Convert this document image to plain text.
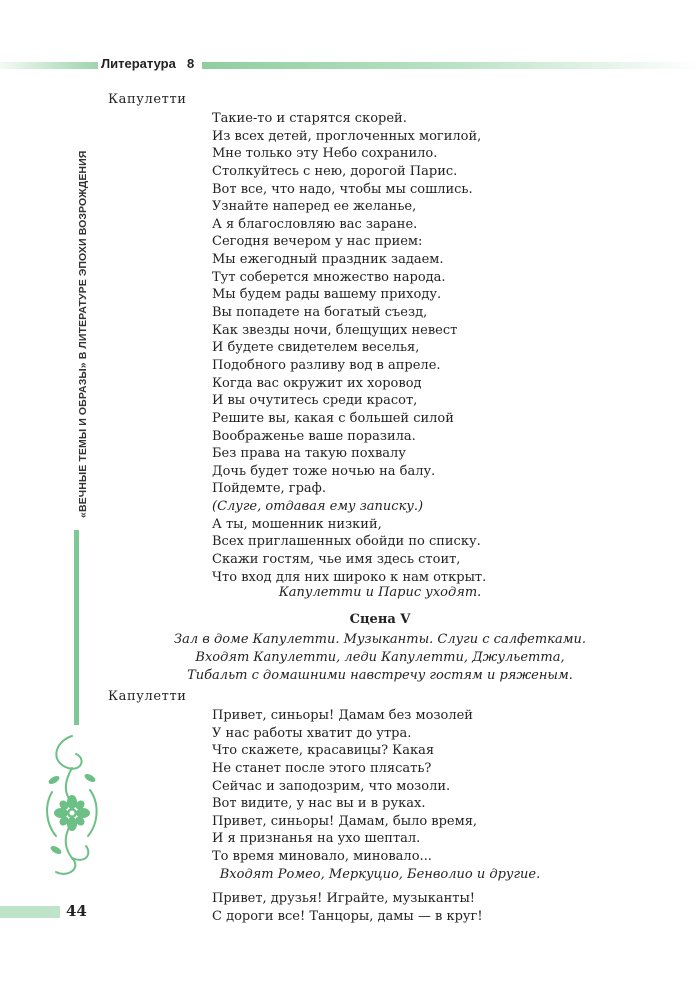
Литература 8
«ВЕЧНЫЕ ТЕМЫ И ОБРАЗЫ» В ЛИТЕРАТУРЕ ЭПОХИ ВОЗРОЖДЕНИЯ
44
Капулетти
Такие-то и старятся скорей.
Из всех детей, проглоченных могилой,
Мне только эту Небо сохранило.
Столкуйтесь с нею, дорогой Парис.
Вот все, что надо, чтобы мы сошлись.
Узнайте наперед ее желанье,
А я благословляю вас заране.
Сегодня вечером у нас прием:
Мы ежегодный праздник задаем.
Тут соберется множество народа.
Мы будем рады вашему приходу.
Вы попадете на богатый съезд,
Как звезды ночи, блещущих невест
И будете свидетелем веселья,
Подобного разливу вод в апреле.
Когда вас окружит их хоровод
И вы очутитесь среди красот,
Решите вы, какая с большей силой
Воображенье ваше поразила.
Без права на такую похвалу
Дочь будет тоже ночью на балу.
Пойдемте, граф.
(Слуге, отдавая ему записку.)
А ты, мошенник низкий,
Всех приглашенных обойди по списку.
Скажи гостям, чье имя здесь стоит,
Что вход для них широко к нам открыт.
Капулетти и Парис уходят.
Сцена V
Зал в доме Капулетти. Музыканты. Слуги с салфетками.
Входят Капулетти, леди Капулетти, Джульетта,
Тибальт с домашними навстречу гостям и ряженым.
Капулетти
Привет, синьоры! Дамам без мозолей
У нас работы хватит до утра.
Что скажете, красавицы? Какая
Не станет после этого плясать?
Сейчас и заподозрим, что мозоли.
Вот видите, у нас вы и в руках.
Привет, синьоры! Дамам, было время,
И я признанья на ухо шептал.
То время миновало, миновало...
Входят Ромео, Меркуцио, Бенволио и другие.
Привет, друзья! Играйте, музыканты!
С дороги все! Танцоры, дамы — в круг!
